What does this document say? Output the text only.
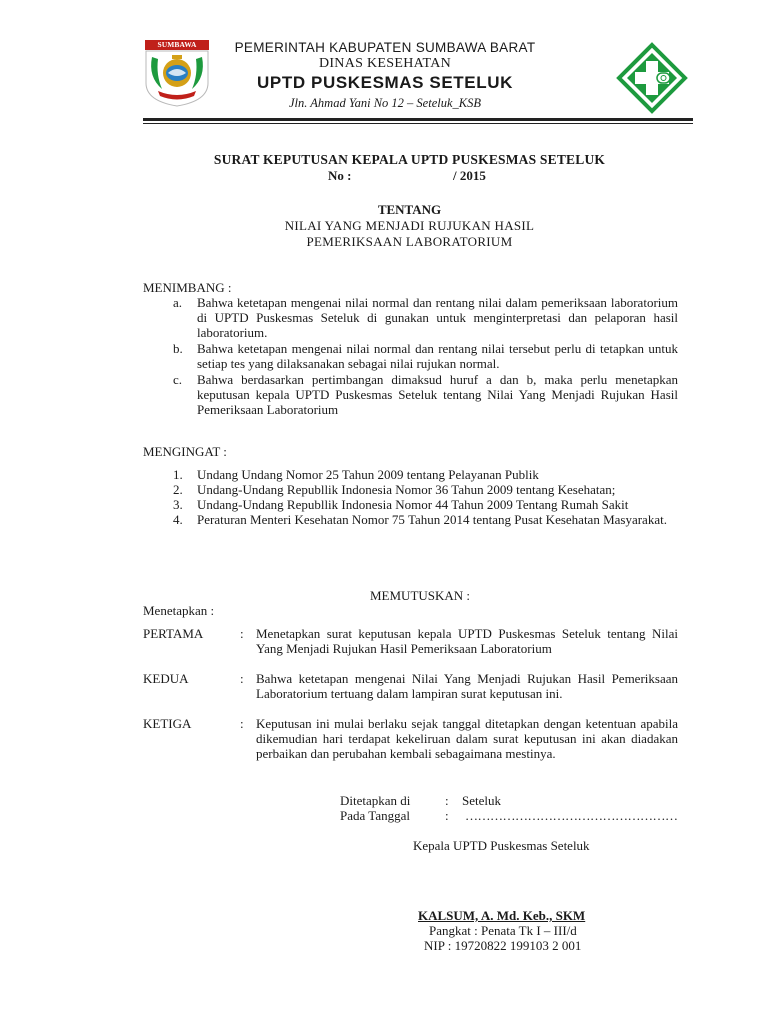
SUMBAWA	PEMERINTAH KABUPATEN SUMBAWA BARAT
DINAS KESEHATAN
UPTD PUSKESMAS SETELUK
Jln. Ahmad Yani No 12 – Seteluk_KSB
SURAT KEPUTUSAN KEPALA UPTD PUSKESMAS SETELUK
No :	/ 2015
TENTANG
NILAI YANG MENJADI RUJUKAN HASIL
PEMERIKSAAN LABORATORIUM
MENIMBANG :
a. Bahwa ketetapan mengenai nilai normal dan rentang nilai dalam pemeriksaan laboratorium di UPTD Puskesmas Seteluk di gunakan untuk menginterpretasi dan pelaporan hasil laboratorium.
b. Bahwa ketetapan mengenai nilai normal dan rentang nilai tersebut perlu di tetapkan untuk setiap tes yang dilaksanakan sebagai nilai rujukan normal.
c. Bahwa berdasarkan pertimbangan dimaksud huruf a dan b, maka perlu menetapkan keputusan kepala UPTD Puskesmas Seteluk tentang Nilai Yang Menjadi Rujukan Hasil Pemeriksaan Laboratorium
MENGINGAT :
1. Undang Undang Nomor 25 Tahun 2009 tentang Pelayanan Publik
2. Undang-Undang Republlik Indonesia Nomor 36 Tahun 2009 tentang Kesehatan;
3. Undang-Undang Republlik Indonesia Nomor 44 Tahun 2009 Tentang Rumah Sakit
4. Peraturan Menteri Kesehatan Nomor 75 Tahun 2014 tentang Pusat Kesehatan Masyarakat.
MEMUTUSKAN :
Menetapkan :
PERTAMA	: Menetapkan surat keputusan kepala UPTD Puskesmas Seteluk tentang Nilai Yang Menjadi Rujukan Hasil Pemeriksaan Laboratorium
KEDUA	: Bahwa ketetapan mengenai Nilai Yang Menjadi Rujukan Hasil Pemeriksaan Laboratorium tertuang dalam lampiran surat keputusan ini.
KETIGA	: Keputusan ini mulai berlaku sejak tanggal ditetapkan dengan ketentuan apabila dikemudian hari terdapat kekeliruan dalam surat keputusan ini akan diadakan perbaikan dan perubahan kembali sebagaimana mestinya.
Ditetapkan di	: Seteluk
Pada Tanggal	: ……………………………………………
Kepala UPTD Puskesmas Seteluk
KALSUM, A. Md. Keb., SKM
Pangkat : Penata Tk I – III/d
NIP : 19720822 199103 2 001
